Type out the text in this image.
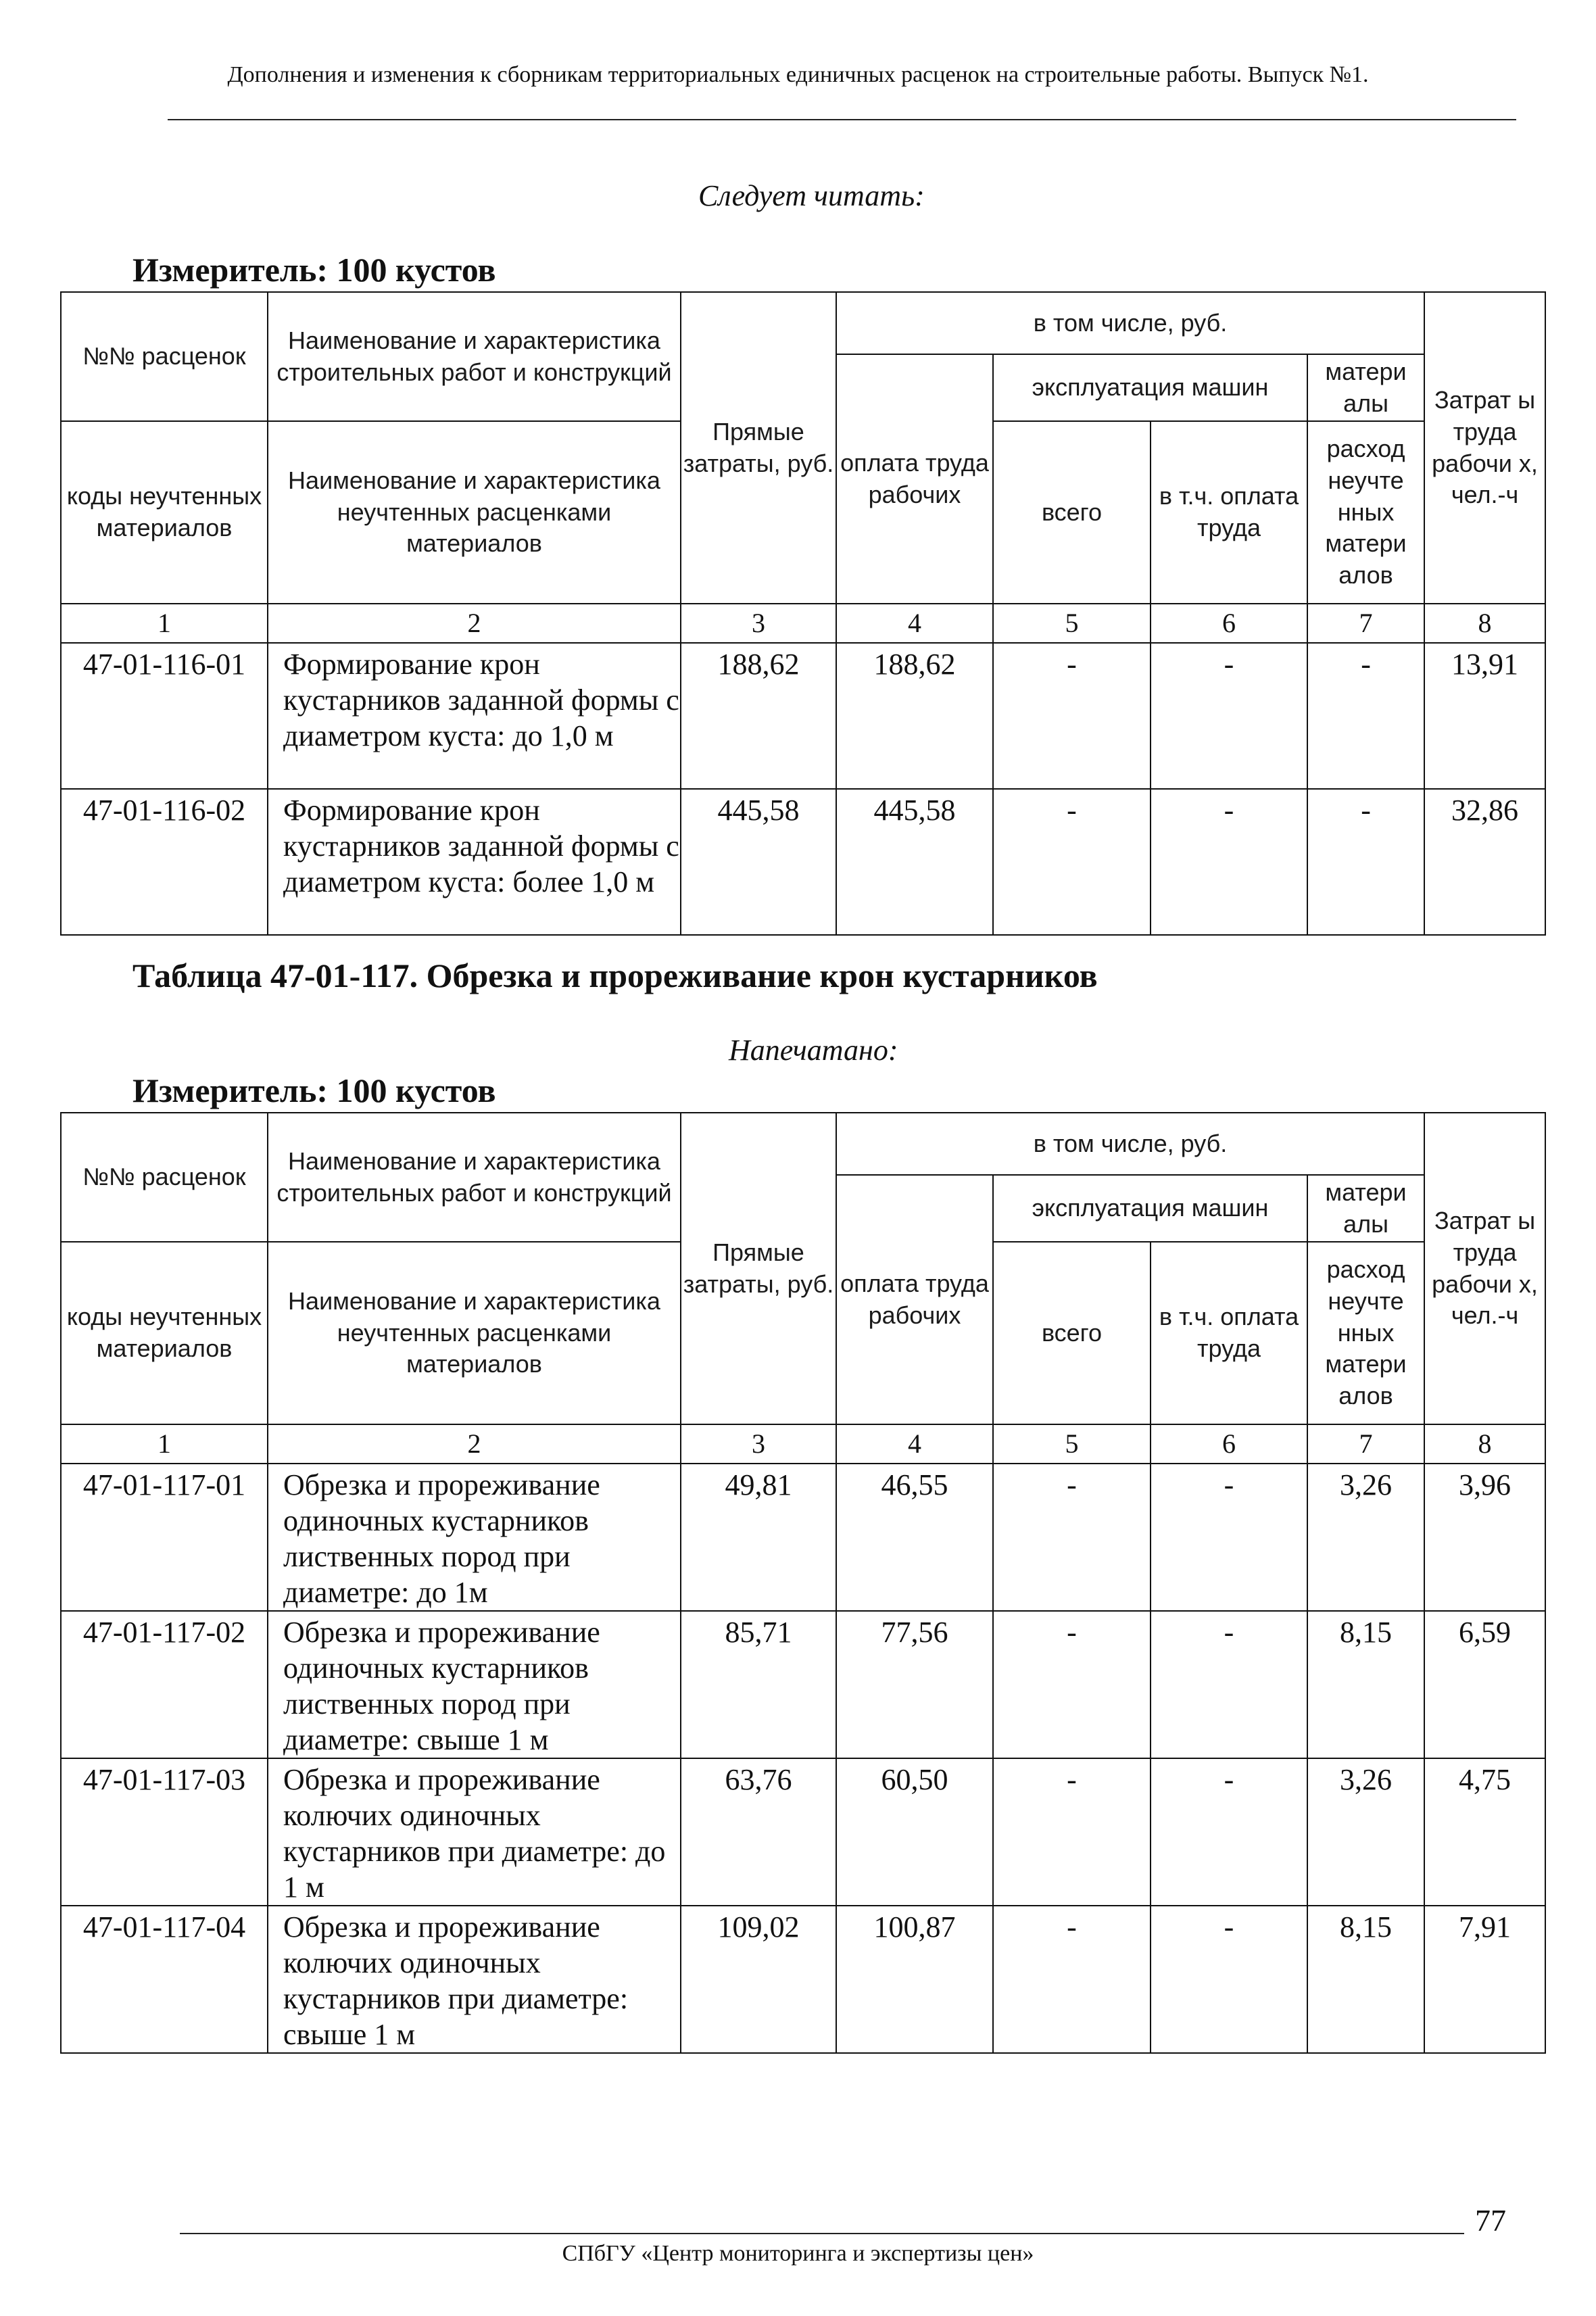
Дополнения и изменения к сборникам территориальных единичных расценок на строительные работы. Выпуск №1.
Следует читать:
Измеритель: 100 кустов
№№ расценок	Наименование и характеристика строительных работ и конструкций	Прямые затраты, руб.	в том числе, руб.				Затрат ы труда рабочи х, чел.-ч
			оплата труда рабочих	эксплуатация машин		матери алы	
коды неучтенных материалов	Наименование и характеристика неучтенных расценками материалов			всего	в т.ч. оплата труда	расход неучте нных матери алов	

1	2	3	4	5	6	7	8
47-01-116-01	Формирование крон кустарников заданной формы с диаметром куста: до 1,0 м	188,62	188,62	-	-	-	13,91
47-01-116-02	Формирование крон кустарников заданной формы с диаметром куста: более 1,0 м	445,58	445,58	-	-	-	32,86
Таблица 47-01-117. Обрезка и прореживание крон кустарников
Напечатано:
Измеритель: 100 кустов
№№ расценок	Наименование и характеристика строительных работ и конструкций	Прямые затраты, руб.	в том числе, руб.				Затрат ы труда рабочи х, чел.-ч
			оплата труда рабочих	эксплуатация машин		матери алы	
коды неучтенных материалов	Наименование и характеристика неучтенных расценками материалов			всего	в т.ч. оплата труда	расход неучте нных матери алов	

1	2	3	4	5	6	7	8
47-01-117-01	Обрезка и прореживание одиночных кустарников лиственных пород при диаметре: до 1м	49,81	46,55	-	-	3,26	3,96
47-01-117-02	Обрезка и прореживание одиночных кустарников лиственных пород при диаметре: свыше 1 м	85,71	77,56	-	-	8,15	6,59
47-01-117-03	Обрезка и прореживание колючих одиночных кустарников при диаметре: до 1 м	63,76	60,50	-	-	3,26	4,75
47-01-117-04	Обрезка и прореживание колючих одиночных кустарников при диаметре: свыше 1 м	109,02	100,87	-	-	8,15	7,91
77
СПбГУ «Центр мониторинга и экспертизы цен»
